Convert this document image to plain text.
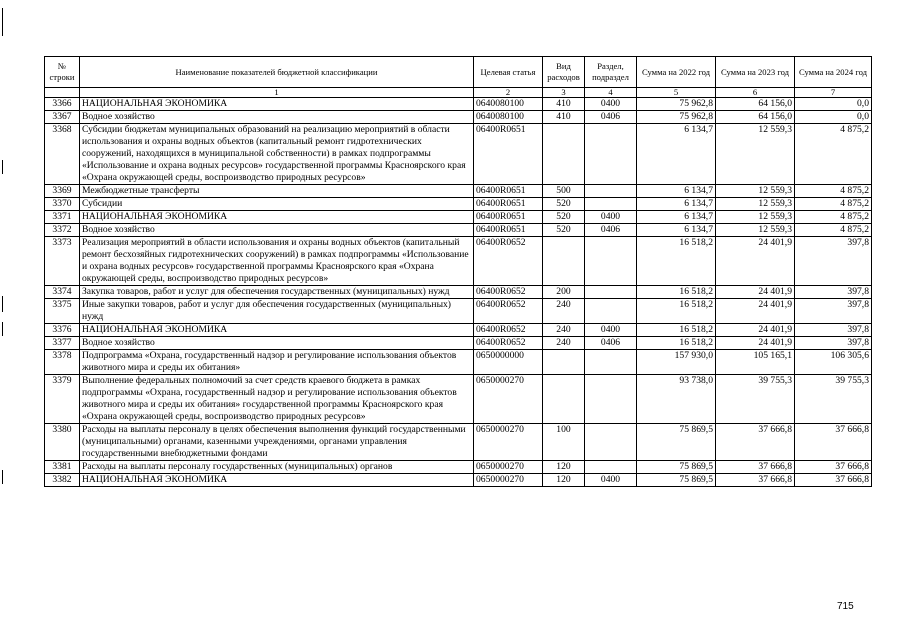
№ строки	Наименование показателей бюджетной классификации	Целевая статья	Вид расходов	Раздел, подраздел	Сумма на 2022 год	Сумма на 2023 год	Сумма на 2024 год
	1	2	3	4	5	6	7
3366	НАЦИОНАЛЬНАЯ ЭКОНОМИКА	0640080100	410	0400	75 962,8	64 156,0	0,0
3367	Водное хозяйство	0640080100	410	0406	75 962,8	64 156,0	0,0
3368	Субсидии бюджетам муниципальных образований на реализацию мероприятий в области использования и охраны водных объектов (капитальный ремонт гидротехнических сооружений, находящихся в муниципальной собственности) в рамках подпрограммы «Использование и охрана водных ресурсов» государственной программы Красноярского края «Охрана окружающей среды, воспроизводство природных ресурсов»	06400R0651			6 134,7	12 559,3	4 875,2
3369	Межбюджетные трансферты	06400R0651	500		6 134,7	12 559,3	4 875,2
3370	Субсидии	06400R0651	520		6 134,7	12 559,3	4 875,2
3371	НАЦИОНАЛЬНАЯ ЭКОНОМИКА	06400R0651	520	0400	6 134,7	12 559,3	4 875,2
3372	Водное хозяйство	06400R0651	520	0406	6 134,7	12 559,3	4 875,2
3373	Реализация мероприятий в области использования и охраны водных объектов (капитальный ремонт бесхозяйных гидротехнических сооружений) в рамках подпрограммы «Использование и охрана водных ресурсов» государственной программы Красноярского края «Охрана окружающей среды, воспроизводство природных ресурсов»	06400R0652			16 518,2	24 401,9	397,8
3374	Закупка товаров, работ и услуг для обеспечения государственных (муниципальных) нужд	06400R0652	200		16 518,2	24 401,9	397,8
3375	Иные закупки товаров, работ и услуг для обеспечения государственных (муниципальных) нужд	06400R0652	240		16 518,2	24 401,9	397,8
3376	НАЦИОНАЛЬНАЯ ЭКОНОМИКА	06400R0652	240	0400	16 518,2	24 401,9	397,8
3377	Водное хозяйство	06400R0652	240	0406	16 518,2	24 401,9	397,8
3378	Подпрограмма «Охрана, государственный надзор и регулирование использования объектов животного мира и среды их обитания»	0650000000			157 930,0	105 165,1	106 305,6
3379	Выполнение федеральных полномочий за счет средств краевого бюджета в рамках подпрограммы «Охрана, государственный надзор и регулирование использования объектов животного мира и среды их обитания» государственной программы Красноярского края «Охрана окружающей среды, воспроизводство природных ресурсов»	0650000270			93 738,0	39 755,3	39 755,3
3380	Расходы на выплаты персоналу в целях обеспечения выполнения функций государственными (муниципальными) органами, казенными учреждениями, органами управления государственными внебюджетными фондами	0650000270	100		75 869,5	37 666,8	37 666,8
3381	Расходы на выплаты персоналу государственных (муниципальных) органов	0650000270	120		75 869,5	37 666,8	37 666,8
3382	НАЦИОНАЛЬНАЯ ЭКОНОМИКА	0650000270	120	0400	75 869,5	37 666,8	37 666,8
715
